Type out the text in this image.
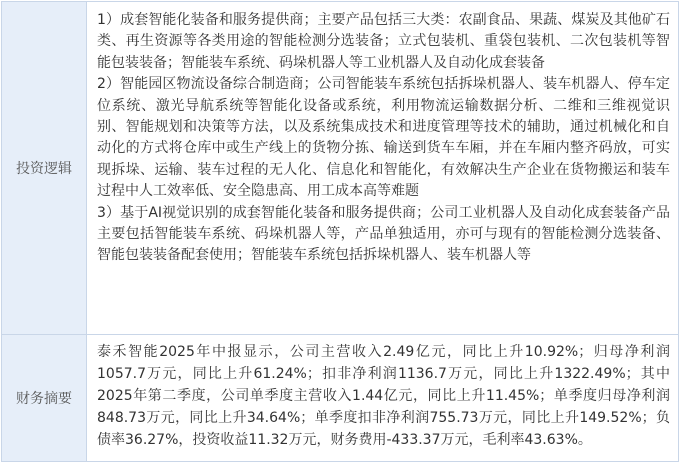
投资逻辑

1）成套智能化装备和服务提供商；主要产品包括三大类：农副食品、果蔬、煤炭及其他矿石类、再生资源等各类用途的智能检测分选装备；立式包装机、重袋包装机、二次包装机等智能包装装备；智能装车系统、码垛机器人等工业机器人及自动化成套装备

2）智能园区物流设备综合制造商；公司智能装车系统包括拆垛机器人、装车机器人、停车定位系统、激光导航系统等智能化设备或系统，利用物流运输数据分析、二维和三维视觉识别、智能规划和决策等方法，以及系统集成技术和进度管理等技术的辅助，通过机械化和自动化的方式将仓库中或生产线上的货物分拣、输送到货车车厢，并在车厢内整齐码放，可实现拆垛、运输、装车过程的无人化、信息化和智能化，有效解决生产企业在货物搬运和装车过程中人工效率低、安全隐患高、用工成本高等难题

3）基于AI视觉识别的成套智能化装备和服务提供商；公司工业机器人及自动化成套装备产品主要包括智能装车系统、码垛机器人等，产品单独适用，亦可与现有的智能检测分选装备、智能包装装备配套使用；智能装车系统包括拆垛机器人、装车机器人等

财务摘要

泰禾智能2025年中报显示，公司主营收入2.49亿元，同比上升10.92%；归母净利润1057.7万元，同比上升61.24%；扣非净利润1136.7万元，同比上升1322.49%；其中2025年第二季度，公司单季度主营收入1.44亿元，同比上升11.45%；单季度归母净利润848.73万元，同比上升34.64%；单季度扣非净利润755.73万元，同比上升149.52%；负债率36.27%，投资收益11.32万元，财务费用-433.37万元，毛利率43.63%。
